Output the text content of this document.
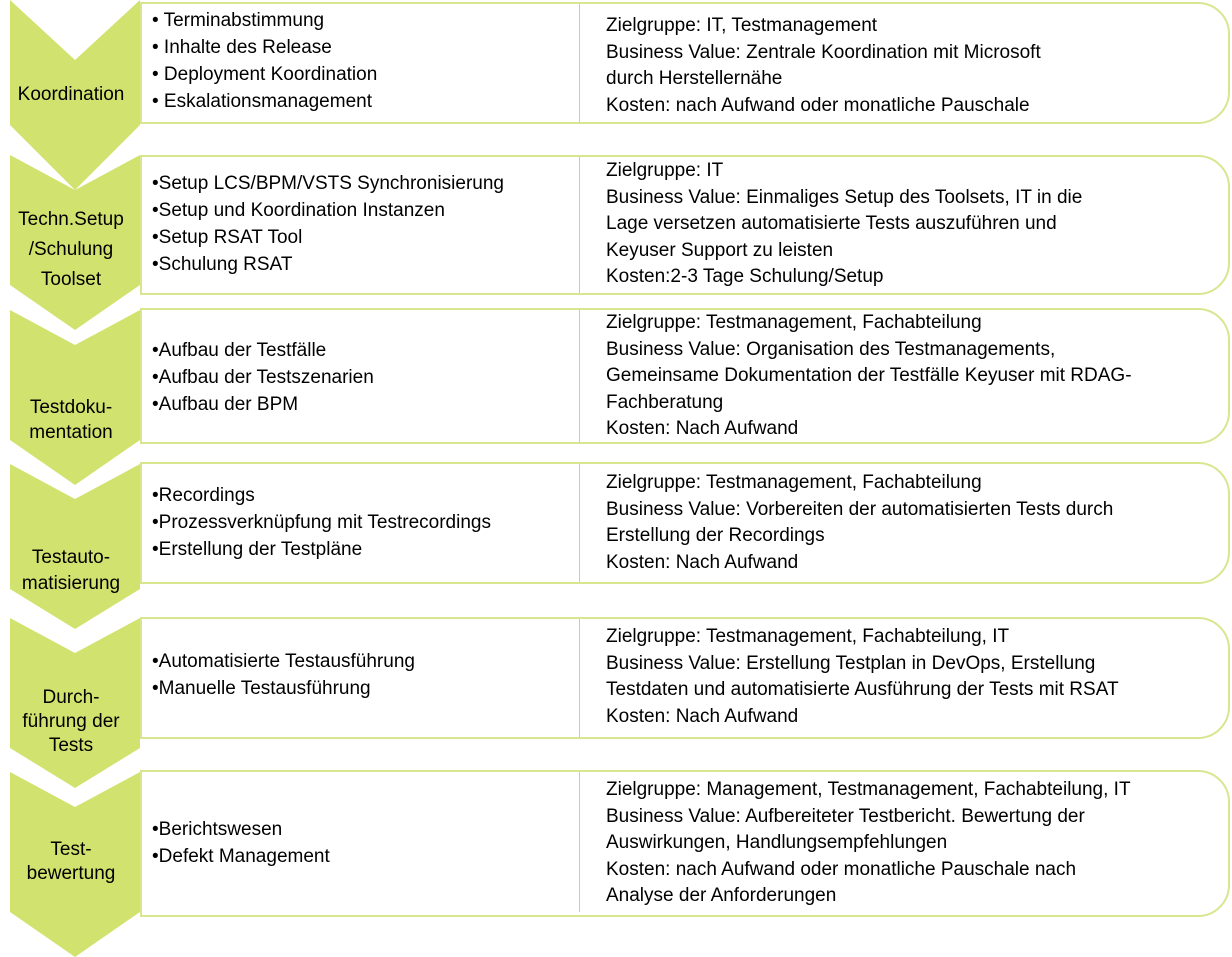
Koordination
• Terminabstimmung
• Inhalte des Release
• Deployment Koordination
• Eskalationsmanagement
Zielgruppe: IT, Testmanagement
Business Value: Zentrale Koordination mit Microsoft
durch Herstellernähe
Kosten: nach Aufwand oder monatliche Pauschale
Techn.Setup
/Schulung
Toolset
•Setup LCS/BPM/VSTS Synchronisierung
•Setup und Koordination Instanzen
•Setup RSAT Tool
•Schulung RSAT
Zielgruppe: IT
Business Value: Einmaliges Setup des Toolsets, IT in die
Lage versetzen automatisierte Tests auszuführen und
Keyuser Support zu leisten
Kosten:2-3 Tage Schulung/Setup
Testdoku-
mentation
•Aufbau der Testfälle
•Aufbau der Testszenarien
•Aufbau der BPM
Zielgruppe: Testmanagement, Fachabteilung
Business Value: Organisation des Testmanagements,
Gemeinsame Dokumentation der Testfälle Keyuser mit RDAG-
Fachberatung
Kosten: Nach Aufwand
Testauto-
matisierung
•Recordings
•Prozessverknüpfung mit Testrecordings
•Erstellung der Testpläne
Zielgruppe: Testmanagement, Fachabteilung
Business Value: Vorbereiten der automatisierten Tests durch
Erstellung der Recordings
Kosten: Nach Aufwand
Durch-
führung der
Tests
•Automatisierte Testausführung
•Manuelle Testausführung
Zielgruppe: Testmanagement, Fachabteilung, IT
Business Value: Erstellung Testplan in DevOps, Erstellung
Testdaten und automatisierte Ausführung der Tests mit RSAT
Kosten: Nach Aufwand
Test-
bewertung
•Berichtswesen
•Defekt Management
Zielgruppe: Management, Testmanagement, Fachabteilung, IT
Business Value: Aufbereiteter Testbericht. Bewertung der
Auswirkungen, Handlungsempfehlungen
Kosten: nach Aufwand oder monatliche Pauschale nach
Analyse der Anforderungen
